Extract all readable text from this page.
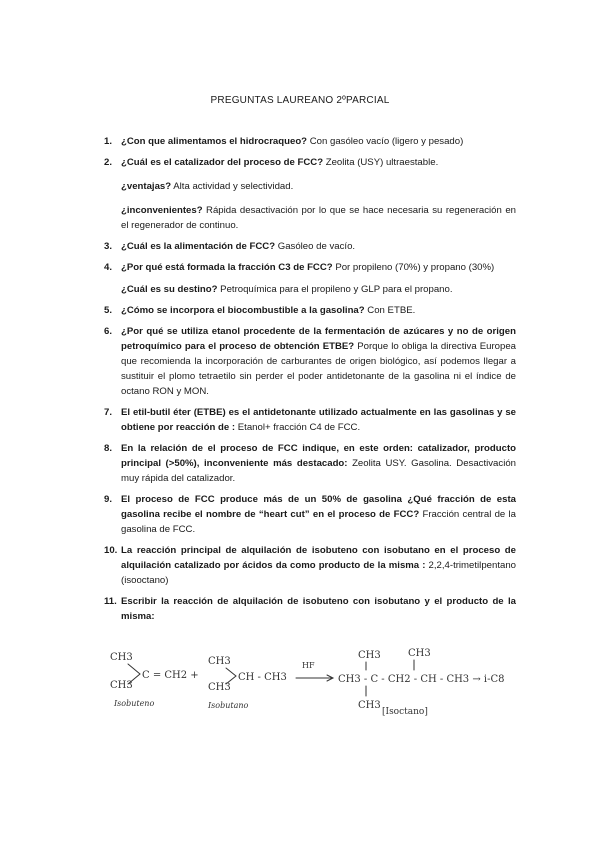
PREGUNTAS LAUREANO 2ºPARCIAL
1. ¿Con que alimentamos el hidrocraqueo? Con gasóleo vacío (ligero y pesado)
2. ¿Cuál es el catalizador del proceso de FCC? Zeolita (USY) ultraestable.
¿ventajas? Alta actividad y selectividad.
¿inconvenientes? Rápida desactivación por lo que se hace necesaria su regeneración en el regenerador de continuo.
3. ¿Cuál es la alimentación de FCC? Gasóleo de vacío.
4. ¿Por qué está formada la fracción C3 de FCC? Por propileno (70%) y propano (30%)
¿Cuál es su destino? Petroquímica para el propileno y GLP para el propano.
5. ¿Cómo se incorpora el biocombustible a la gasolina? Con ETBE.
6. ¿Por qué se utiliza etanol procedente de la fermentación de azúcares y no de origen petroquímico para el proceso de obtención ETBE? Porque lo obliga la directiva Europea que recomienda la incorporación de carburantes de origen biológico, así podemos llegar a sustituir el plomo tetraetilo sin perder el poder antidetonante de la gasolina ni el índice de octano RON y MON.
7. El etil-butil éter (ETBE) es el antidetonante utilizado actualmente en las gasolinas y se obtiene por reacción de : Etanol+ fracción C4 de FCC.
8. En la relación de el proceso de FCC indique, en este orden: catalizador, producto principal (>50%), inconveniente más destacado: Zeolita USY. Gasolina. Desactivación muy rápida del catalizador.
9. El proceso de FCC produce más de un 50% de gasolina ¿Qué fracción de esta gasolina recibe el nombre de “heart cut” en el proceso de FCC? Fracción central de la gasolina de FCC.
10. La reacción principal de alquilación de isobuteno con isobutano en el proceso de alquilación catalizado por ácidos da como producto de la misma : 2,2,4-trimetilpentano (isooctano)
11. Escribir la reacción de alquilación de isobuteno con isobutano y el producto de la misma:
CH3
CH3
C = CH2 +
Isobuteno
CH3
CH3
CH - CH3
Isobutano
HF
CH3	CH3
CH3 - C - CH2 - CH - CH3 → i-C8
CH3
[Isoctano]
